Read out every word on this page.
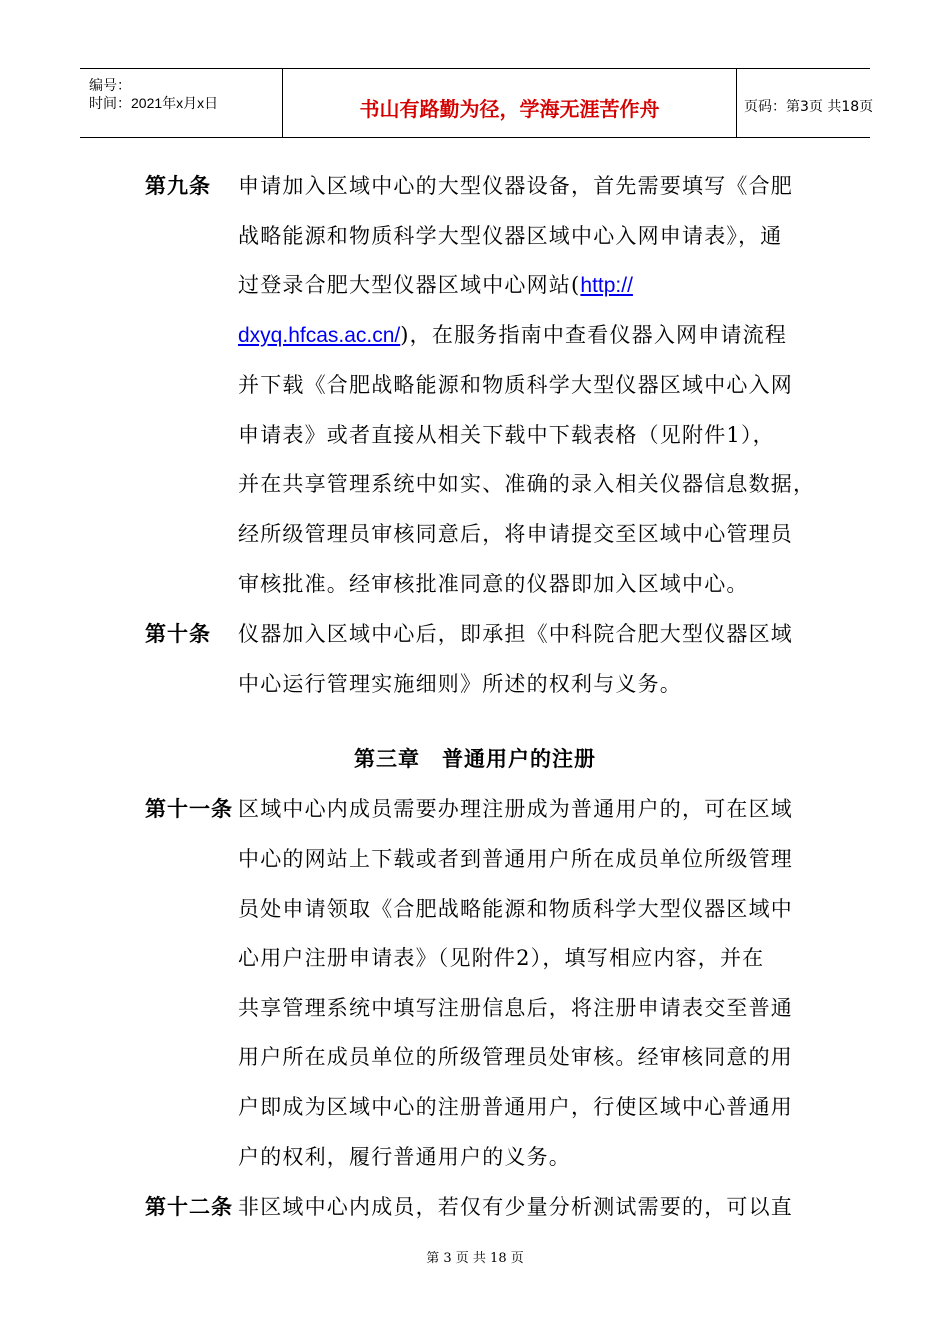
编号：
时间：2021年x月x日	书山有路勤为径，学海无涯苦作舟	页码：第3页 共18页
第九条 申请加入区域中心的大型仪器设备，首先需要填写《合肥
战略能源和物质科学大型仪器区域中心入网申请表》，通
过登录合肥大型仪器区域中心网站(http://
dxyq.hfcas.ac.cn/)，在服务指南中查看仪器入网申请流程
并下载《合肥战略能源和物质科学大型仪器区域中心入网
申请表》或者直接从相关下载中下载表格（见附件1），
并在共享管理系统中如实、准确的录入相关仪器信息数据，
经所级管理员审核同意后，将申请提交至区域中心管理员
审核批准。经审核批准同意的仪器即加入区域中心。
第十条 仪器加入区域中心后，即承担《中科院合肥大型仪器区域
中心运行管理实施细则》所述的权利与义务。
第三章　普通用户的注册
第十一条 区域中心内成员需要办理注册成为普通用户的，可在区域
中心的网站上下载或者到普通用户所在成员单位所级管理
员处申请领取《合肥战略能源和物质科学大型仪器区域中
心用户注册申请表》（见附件2），填写相应内容，并在
共享管理系统中填写注册信息后，将注册申请表交至普通
用户所在成员单位的所级管理员处审核。经审核同意的用
户即成为区域中心的注册普通用户，行使区域中心普通用
户的权利，履行普通用户的义务。
第十二条 非区域中心内成员，若仅有少量分析测试需要的，可以直
第 3 页 共 18 页
